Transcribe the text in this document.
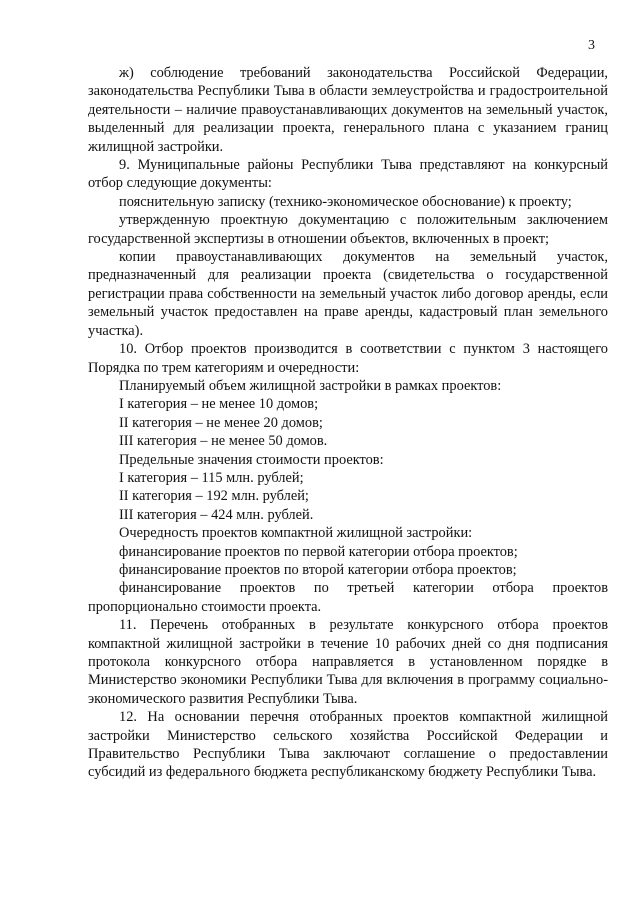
3

ж) соблюдение требований законодательства Российской Федерации, законодательства Республики Тыва в области землеустройства и градостроительной деятельности – наличие правоустанавливающих документов на земельный участок, выделенный для реализации проекта, генерального плана с указанием границ жилищной застройки.

9. Муниципальные районы Республики Тыва представляют на конкурсный отбор следующие документы:

пояснительную записку (технико-экономическое обоснование) к проекту;

утвержденную проектную документацию с положительным заключением государственной экспертизы в отношении объектов, включенных в проект;

копии правоустанавливающих документов на земельный участок, предназначенный для реализации проекта (свидетельства о государственной регистрации права собственности на земельный участок либо договор аренды, если земельный участок предоставлен на праве аренды, кадастровый план земельного участка).

10. Отбор проектов производится в соответствии с пунктом 3 настоящего Порядка по трем категориям и очередности:

Планируемый объем жилищной застройки в рамках проектов:

I категория – не менее 10 домов;

II категория – не менее 20 домов;

III категория – не менее 50 домов.

Предельные значения стоимости проектов:

I категория – 115 млн. рублей;

II категория – 192 млн. рублей;

III категория – 424 млн. рублей.

Очередность проектов компактной жилищной застройки:

финансирование проектов по первой категории отбора проектов;

финансирование проектов по второй категории отбора проектов;

финансирование проектов по третьей категории отбора проектов пропорционально стоимости проекта.

11. Перечень отобранных в результате конкурсного отбора проектов компактной жилищной застройки в течение 10 рабочих дней со дня подписания протокола конкурсного отбора направляется в установленном порядке в Министерство экономики Республики Тыва для включения в программу социально-экономического развития Республики Тыва.

12. На основании перечня отобранных проектов компактной жилищной застройки Министерство сельского хозяйства Российской Федерации и Правительство Республики Тыва заключают соглашение о предоставлении субсидий из федерального бюджета республиканскому бюджету Республики Тыва.
